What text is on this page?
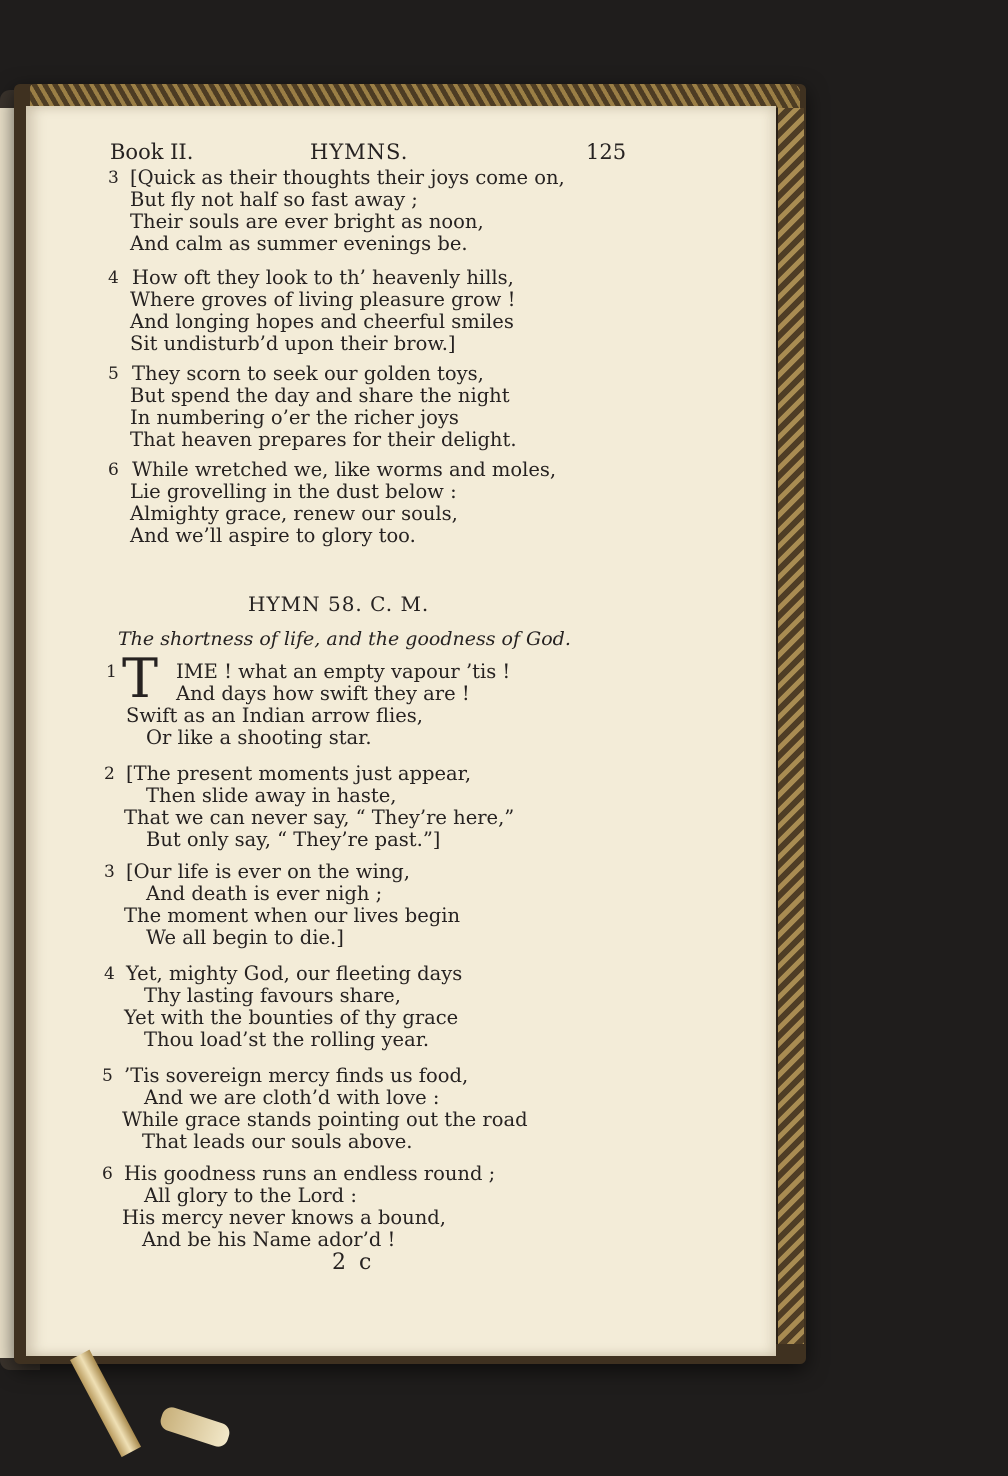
Book II.	HYMNS.	125
3 [Quick as their thoughts their joys come on,
But fly not half so fast away ;
Their souls are ever bright as noon,
And calm as summer evenings be.
4 How oft they look to th’ heavenly hills,
Where groves of living pleasure grow !
And longing hopes and cheerful smiles
Sit undisturb’d upon their brow.]
5 They scorn to seek our golden toys,
But spend the day and share the night
In numbering o’er the richer joys
That heaven prepares for their delight.
6 While wretched we, like worms and moles,
Lie grovelling in the dust below :
Almighty grace, renew our souls,
And we’ll aspire to glory too.
HYMN 58. C. M.
The shortness of life, and the goodness of God.
1	IME ! what an empty vapour ’tis !
And days how swift they are !
Swift as an Indian arrow flies,
Or like a shooting star.
T
2 [The present moments just appear,
Then slide away in haste,
That we can never say, “ They’re here,”
But only say, “ They’re past.”]
3 [Our life is ever on the wing,
And death is ever nigh ;
The moment when our lives begin
We all begin to die.]
4 Yet, mighty God, our fleeting days
Thy lasting favours share,
Yet with the bounties of thy grace
Thou load’st the rolling year.
5 ’Tis sovereign mercy finds us food,
And we are cloth’d with love :
While grace stands pointing out the road
That leads our souls above.
6 His goodness runs an endless round ;
All glory to the Lord :
His mercy never knows a bound,
And be his Name ador’d !
2 c
